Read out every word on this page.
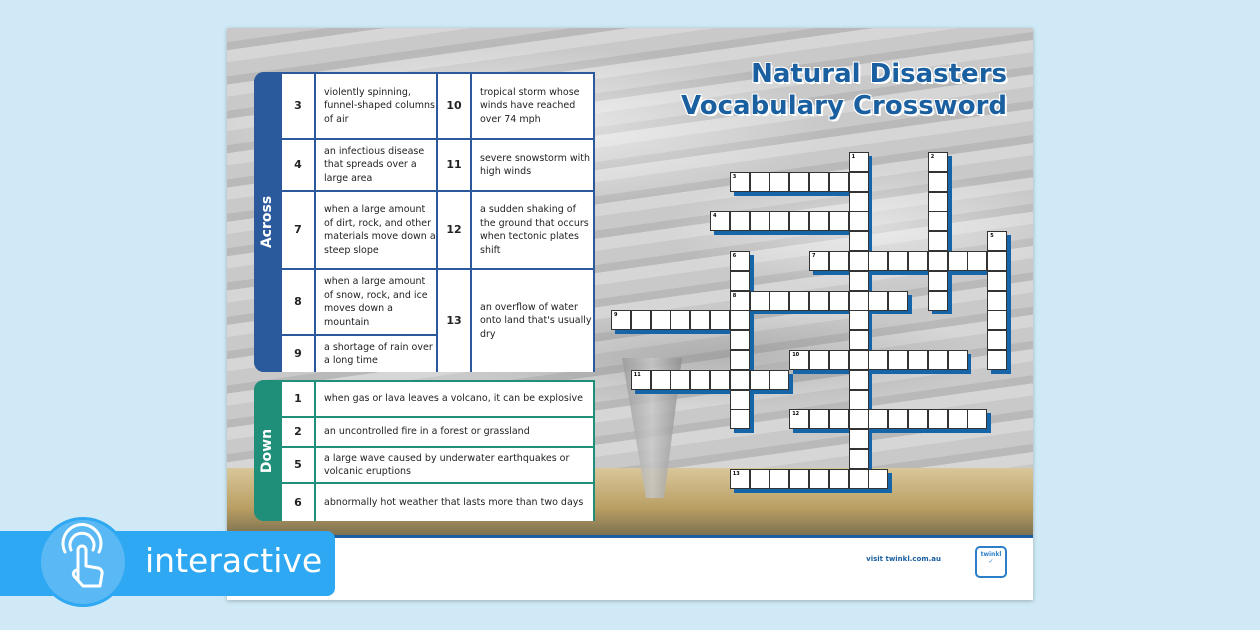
Natural Disasters
Vocabulary Crossword
Across
3
violently spinning, funnel-shaped columns of air
4
an infectious disease that spreads over a large area
7
when a large amount of dirt, rock, and other materials move down a steep slope
8
when a large amount of snow, rock, and ice moves down a mountain
9
a shortage of rain over a long time
10
tropical storm whose winds have reached over 74 mph
11
severe snowstorm with high winds
12
a sudden shaking of the ground that occurs when tectonic plates shift
13
an overflow of water onto land that's usually dry
Down
1	when gas or lava leaves a volcano, it can be explosive
2	an uncontrolled fire in a forest or grassland
5
a large wave caused by underwater earthquakes or volcanic eruptions
6	abnormally hot weather that lasts more than two days
3
4
7
8
9
10
11
12
13
1	2
5
6
visit twinkl.com.au
twinkl
✓
interactive
